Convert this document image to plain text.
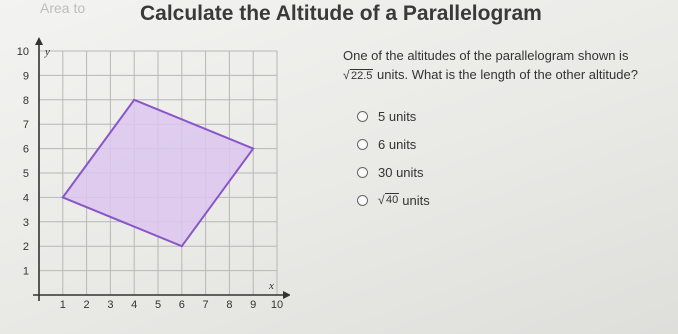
Area to	Calculate the Altitude of a Parallelogram
1 2 3 4 5 6 7 8 9 10
1
2
3
4
5
6
7
8
9
10
x
y	One of the altitudes of the parallelogram shown is
√ 22.5 units. What is the length of the other altitude?
5 units
6 units
30 units
√ 40 units
